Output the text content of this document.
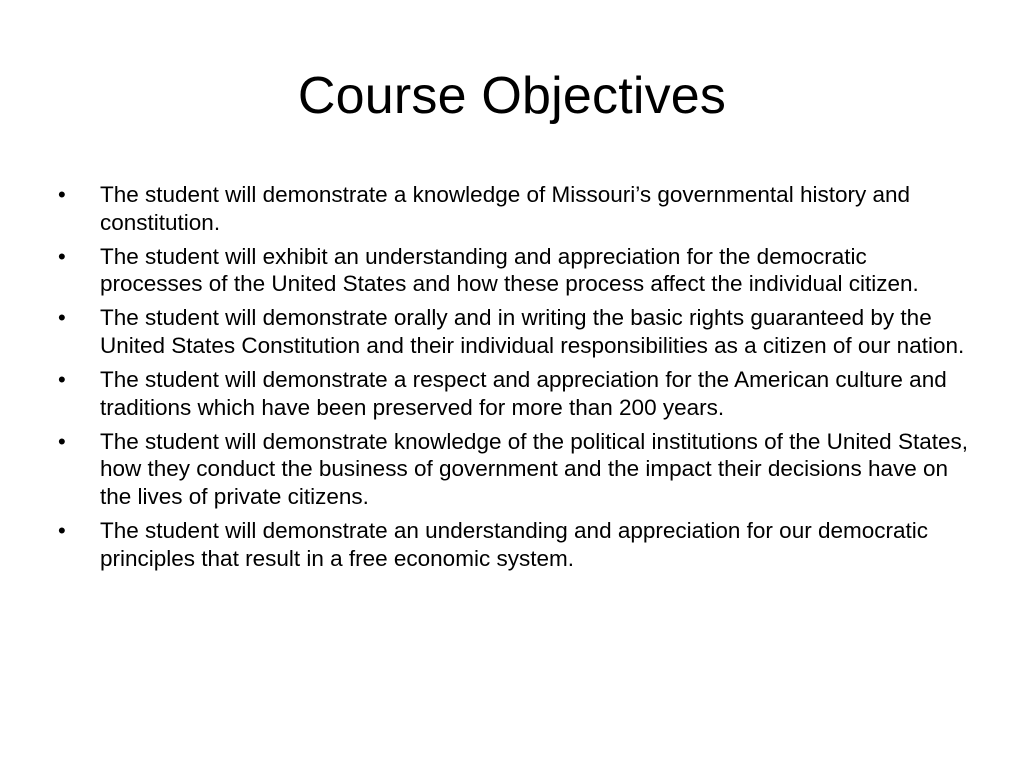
Course Objectives
•	The student will demonstrate a knowledge of Missouri’s governmental history and constitution.
•	The student will exhibit an understanding and appreciation for the democratic processes of the United States and how these process affect the individual citizen.
•	The student will demonstrate orally and in writing the basic rights guaranteed by the United States Constitution and their individual responsibilities as a citizen of our nation.
•	The student will demonstrate a respect and appreciation for the American culture and traditions which have been preserved for more than 200 years.
•	The student will demonstrate knowledge of the political institutions of the United States, how they conduct the business of government and the impact their decisions have on the lives of private citizens.
•	The student will demonstrate an understanding and appreciation for our democratic principles that result in a free economic system.
